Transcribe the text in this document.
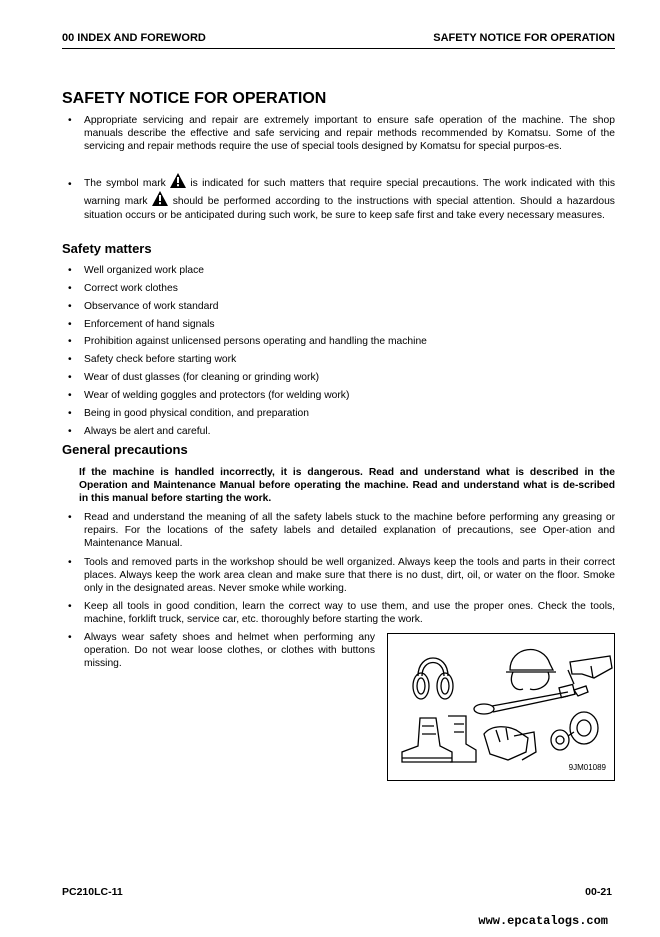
00 INDEX AND FOREWORD	SAFETY NOTICE FOR OPERATION
SAFETY NOTICE FOR OPERATION
• Appropriate servicing and repair are extremely important to ensure safe operation of the machine. The shop manuals describe the effective and safe servicing and repair methods recommended by Komatsu. Some of the servicing and repair methods require the use of special tools designed by Komatsu for special purpos-es.
• The symbol mark is indicated for such matters that require special precautions. The work indicated with this warning mark should be performed according to the instructions with special attention. Should a hazardous situation occurs or be anticipated during such work, be sure to keep safe first and take every necessary measures.
Safety matters
• Well organized work place
• Correct work clothes
• Observance of work standard
• Enforcement of hand signals
• Prohibition against unlicensed persons operating and handling the machine
• Safety check before starting work
• Wear of dust glasses (for cleaning or grinding work)
• Wear of welding goggles and protectors (for welding work)
• Being in good physical condition, and preparation
• Always be alert and careful.
General precautions
If the machine is handled incorrectly, it is dangerous. Read and understand what is described in the Operation and Maintenance Manual before operating the machine. Read and understand what is de-scribed in this manual before starting the work.
• Read and understand the meaning of all the safety labels stuck to the machine before performing any greasing or repairs. For the locations of the safety labels and detailed explanation of precautions, see Oper-ation and Maintenance Manual.
• Tools and removed parts in the workshop should be well organized. Always keep the tools and parts in their correct places. Always keep the work area clean and make sure that there is no dust, dirt, oil, or water on the floor. Smoke only in the designated areas. Never smoke while working.
• Keep all tools in good condition, learn the correct way to use them, and use the proper ones. Check the tools, machine, forklift truck, service car, etc. thoroughly before starting the work.
• Always wear safety shoes and helmet when performing any operation. Do not wear loose clothes, or clothes with buttons missing.
9JM01089
PC210LC-11	00-21
www.epcatalogs.com
